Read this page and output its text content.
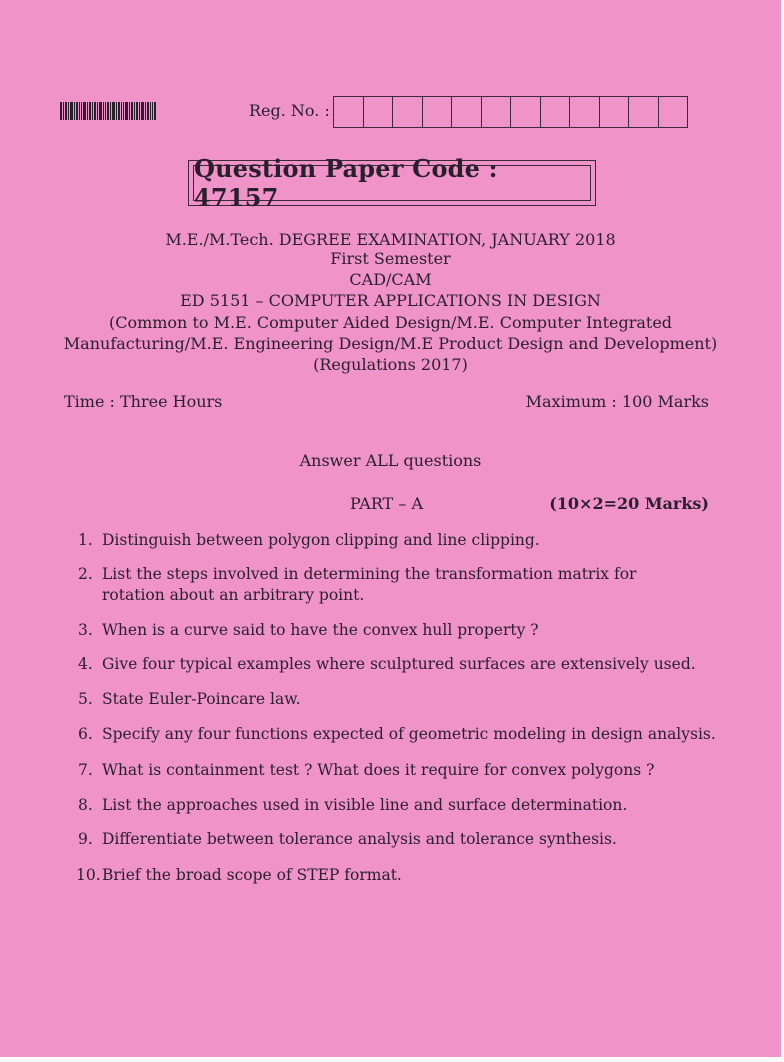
Reg. No. :
Question Paper Code : 47157
M.E./M.Tech. DEGREE EXAMINATION, JANUARY 2018
First Semester
CAD/CAM
ED 5151 – COMPUTER APPLICATIONS IN DESIGN
(Common to M.E. Computer Aided Design/M.E. Computer Integrated
Manufacturing/M.E. Engineering Design/M.E Product Design and Development)
(Regulations 2017)
Time : Three Hours	Maximum : 100 Marks
Answer ALL questions
PART – A	(10×2=20 Marks)
1. Distinguish between polygon clipping and line clipping.
2. List the steps involved in determining the transformation matrix for rotation about an arbitrary point.
3. When is a curve said to have the convex hull property ?
4. Give four typical examples where sculptured surfaces are extensively used.
5. State Euler-Poincare law.
6. Specify any four functions expected of geometric modeling in design analysis.
7. What is containment test ? What does it require for convex polygons ?
8. List the approaches used in visible line and surface determination.
9. Differentiate between tolerance analysis and tolerance synthesis.
10.Brief the broad scope of STEP format.
